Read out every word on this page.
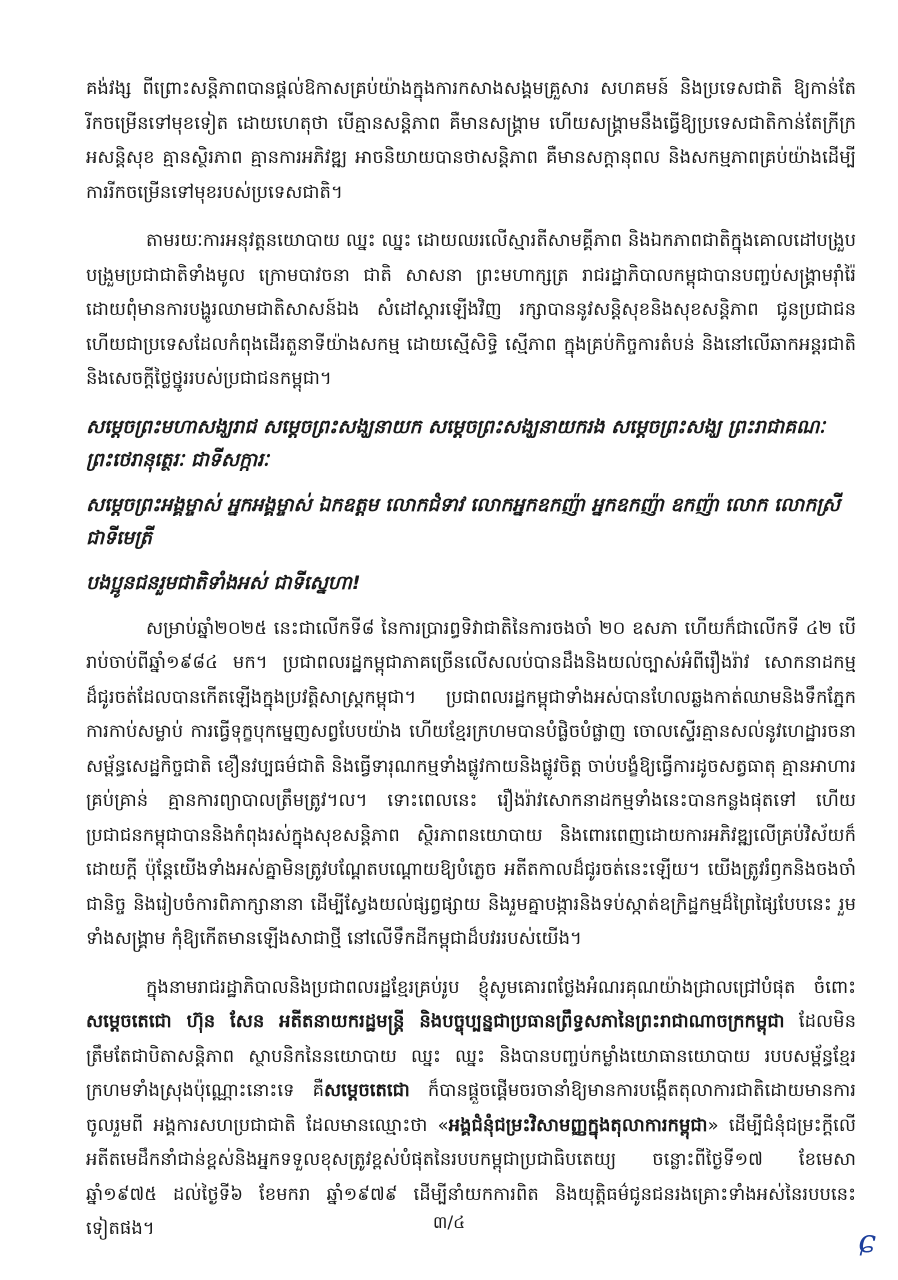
គង់វង្ស ពីព្រោះសន្តិភាពបានផ្ដល់ឱកាសគ្រប់យ៉ាងក្នុងការកសាងសង្គមគ្រួសារ សហគមន៍ និងប្រទេសជាតិ ឱ្យកាន់តែរីកចម្រើនទៅមុខទៀត ដោយហេតុថា បើគ្មានសន្តិភាព គឺមានសង្គ្រាម ហើយសង្គ្រាមនឹងធ្វើឱ្យប្រទេសជាតិកាន់តែក្រីក្រ អសន្តិសុខ គ្មានស្ថិរភាព គ្មានការអភិវឌ្ឍ អាចនិយាយបានថាសន្តិភាព គឺមានសក្ដានុពល និងសកម្មភាពគ្រប់យ៉ាងដើម្បីការរីកចម្រើនទៅមុខរបស់ប្រទេសជាតិ។

តាមរយៈការអនុវត្តនយោបាយ ឈ្នះ ឈ្នះ ដោយឈរលើស្មារតីសាមគ្គីភាព និងឯកភាពជាតិក្នុងគោលដៅបង្រួបបង្រួមប្រជាជាតិទាំងមូល ក្រោមបាវចនា ជាតិ សាសនា ព្រះមហាក្សត្រ រាជរដ្ឋាភិបាលកម្ពុជាបានបញ្ចប់សង្គ្រាមរ៉ាំរ៉ៃដោយពុំមានការបង្ហូរឈាមជាតិសាសន៍ឯង សំដៅស្ដារឡើងវិញ រក្សាបាននូវសន្តិសុខនិងសុខសន្តិភាព ជូនប្រជាជន ហើយជាប្រទេសដែលកំពុងដើរតួនាទីយ៉ាងសកម្ម ដោយស្មើសិទ្ធិ ស្មើភាព ក្នុងគ្រប់កិច្ចការតំបន់ និងនៅលើឆាកអន្តរជាតិ និងសេចក្ដីថ្លៃថ្នូររបស់ប្រជាជនកម្ពុជា។

សម្ដេចព្រះមហាសង្ឃរាជ សម្ដេចព្រះសង្ឃនាយក សម្ដេចព្រះសង្ឃនាយករង សម្ដេចព្រះសង្ឃ ព្រះរាជាគណៈ ព្រះថេរានុត្ថេរៈ ជាទីសក្ការៈ

សម្ដេចព្រះអង្គម្ចាស់ អ្នកអង្គម្ចាស់ ឯកឧត្តម លោកជំទាវ លោកអ្នកឧកញ៉ា អ្នកឧកញ៉ា ឧកញ៉ា លោក លោកស្រី ជាទីមេត្រី

បងប្អូនជនរួមជាតិទាំងអស់ ជាទីស្នេហា!

សម្រាប់ឆ្នាំ២០២៥ នេះជាលើកទី៨ នៃការប្រារព្ធទិវាជាតិនៃការចងចាំ ២០ ឧសភា ហើយក៏ជាលើកទី ៤២ បើរាប់ចាប់ពីឆ្នាំ១៩៨៤ មក។ ប្រជាពលរដ្ឋកម្ពុជាភាគច្រើនលើសលប់បានដឹងនិងយល់ច្បាស់អំពីរឿងរ៉ាវ សោកនាដកម្មដ៏ជូរចត់ដែលបានកើតឡើងក្នុងប្រវត្តិសាស្ត្រកម្ពុជា។ ប្រជាពលរដ្ឋកម្ពុជាទាំងអស់បានហែលឆ្លងកាត់ឈាមនិងទឹកភ្នែក ការកាប់សម្លាប់ ការធ្វើទុក្ខបុកម្នេញសព្វបែបយ៉ាង ហើយខ្មែរក្រហមបានបំផ្លិចបំផ្លាញ ចោលស្ទើរគ្មានសល់នូវហេដ្ឋារចនាសម្ព័ន្ធសេដ្ឋកិច្ចជាតិ ខឿនវប្បធម៌ជាតិ និងធ្វើទារុណកម្មទាំងផ្លូវកាយនិងផ្លូវចិត្ត ចាប់បង្ខំឱ្យធ្វើការដូចសត្វធាតុ គ្មានអាហារគ្រប់គ្រាន់ គ្មានការព្យាបាលត្រឹមត្រូវ។ល។ ទោះពេលនេះ រឿងរ៉ាវសោកនាដកម្មទាំងនេះបានកន្លងផុតទៅ ហើយប្រជាជនកម្ពុជាបាននិងកំពុងរស់ក្នុងសុខសន្តិភាព ស្ថិរភាពនយោបាយ និងពោរពេញដោយការអភិវឌ្ឍលើគ្រប់វិស័យក៏ដោយក្ដី ប៉ុន្តែយើងទាំងអស់គ្នាមិនត្រូវបណ្ដែតបណ្ដោយឱ្យបំភ្លេច អតីតកាលដ៏ជូរចត់នេះឡើយ។ យើងត្រូវរំឭកនិងចងចាំជានិច្ច និងរៀបចំការពិភាក្សានានា ដើម្បីស្វែងយល់ផ្សព្វផ្សាយ និងរួមគ្នាបង្ការនិងទប់ស្កាត់ឧក្រិដ្ឋកម្មដ៏ព្រៃផ្សៃបែបនេះ រួមទាំងសង្គ្រាម កុំឱ្យកើតមានឡើងសាជាថ្មី នៅលើទឹកដីកម្ពុជាដ៏បវររបស់យើង។

ក្នុងនាមរាជរដ្ឋាភិបាលនិងប្រជាពលរដ្ឋខ្មែរគ្រប់រូប ខ្ញុំសូមគោរពថ្លែងអំណរគុណយ៉ាងជ្រាលជ្រៅបំផុត ចំពោះសម្ដេចតេជោ ហ៊ុន សែន អតីតនាយករដ្ឋមន្ត្រី និងបច្ចុប្បន្នជាប្រធានព្រឹទ្ធសភានៃព្រះរាជាណាចក្រកម្ពុជា ដែលមិនត្រឹមតែជាបិតាសន្តិភាព ស្ថាបនិកនៃនយោបាយ ឈ្នះ ឈ្នះ និងបានបញ្ចប់កម្លាំងយោធានយោបាយ របបសម្ព័ន្ធខ្មែរក្រហមទាំងស្រុងប៉ុណ្ណោះនោះទេ គឺសម្ដេចតេជោ ក៏បានផ្ដួចផ្ដើមចរចានាំឱ្យមានការបង្កើតតុលាការជាតិដោយមានការចូលរួមពី អង្គការសហប្រជាជាតិ ដែលមានឈ្មោះថា «អង្គជំនុំជម្រះវិសាមញ្ញក្នុងតុលាការកម្ពុជា» ដើម្បីជំនុំជម្រះក្ដីលើអតីតមេដឹកនាំជាន់ខ្ពស់និងអ្នកទទួលខុសត្រូវខ្ពស់បំផុតនៃរបបកម្ពុជាប្រជាធិបតេយ្យ ចន្លោះពីថ្ងៃទី១៧ ខែមេសា ឆ្នាំ១៩៧៥ ដល់ថ្ងៃទី៦ ខែមករា ឆ្នាំ១៩៧៩ ដើម្បីនាំយកការពិត និងយុត្តិធម៌ជូនជនរងគ្រោះទាំងអស់នៃរបបនេះទៀតផង។	៣/៤	ɕ
